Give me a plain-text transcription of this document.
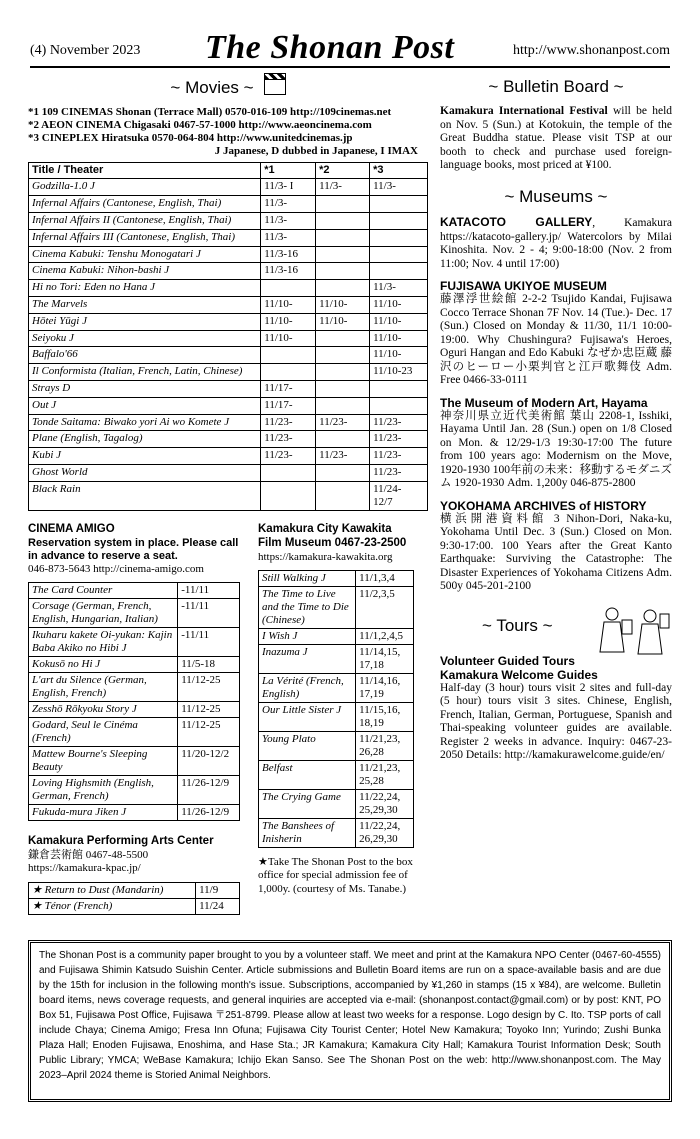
(4) November 2023 The Shonan Post	http://www.shonanpost.com
~ Movies ~
*1 109 CINEMAS Shonan (Terrace Mall) 0570-016-109 http://109cinemas.net
*2 AEON CINEMA Chigasaki 0467-57-1000 http://www.aeoncinema.com
*3 CINEPLEX Hiratsuka 0570-064-804 http://www.unitedcinemas.jp
J Japanese, D dubbed in Japanese, I IMAX
Title / Theater	*1	*2	*3
Godzilla-1.0 J	11/3- I	11/3-	11/3-
Infernal Affairs (Cantonese, English, Thai)	11/3-		
Infernal Affairs II (Cantonese, English, Thai)	11/3-		
Infernal Affairs III (Cantonese, English, Thai)	11/3-		
Cinema Kabuki: Tenshu Monogatari J	11/3-16		
Cinema Kabuki: Nihon-bashi J	11/3-16		
Hi no Tori: Eden no Hana J			11/3-
The Marvels	11/10-	11/10-	11/10-
Hōtei Yūgi J	11/10-	11/10-	11/10-
Seiyoku J	11/10-		11/10-
Baffalo'66			11/10-
Il Conformista (Italian, French, Latin, Chinese)			11/10-23
Strays D	11/17-		
Out J	11/17-		
Tonde Saitama: Biwako yori Ai wo Komete J	11/23-	11/23-	11/23-
Plane (English, Tagalog)	11/23-		11/23-
Kubi J	11/23-	11/23-	11/23-
Ghost World			11/23-
Black Rain			11/24-
12/7
CINEMA AMIGO
Reservation system in place. Please call
in advance to reserve a seat.
046-873-5643 http://cinema-amigo.com
The Card Counter	-11/11
Corsage (German, French, English, Hungarian, Italian)	-11/11
Ikuharu kakete Oi-yukan: Kajin Baba Akiko no Hibi J	-11/11
Kokusō no Hi J	11/5-18
L'art du Silence (German, English, French)	11/12-25
Zesshō Rōkyoku Story J	11/12-25
Godard, Seul le Cinéma (French)	11/12-25
Mattew Bourne's Sleeping Beauty	11/20-12/2
Loving Highsmith (English, German, French)	11/26-12/9
Fukuda-mura Jiken J	11/26-12/9
Kamakura Performing Arts Center
鎌倉芸術館 0467-48-5500
https://kamakura-kpac.jp/
★ Return to Dust (Mandarin)	11/9
★ Ténor (French)	11/24
Kamakura City Kawakita
Film Museum 0467-23-2500
https://kamakura-kawakita.org
Still Walking J	11/1,3,4
The Time to Live and the Time to Die (Chinese)	11/2,3,5
I Wish J	11/1,2,4,5
Inazuma J	11/14,15, 17,18
La Vérité (French, English)	11/14,16, 17,19
Our Little Sister J	11/15,16, 18,19
Young Plato	11/21,23, 26,28
Belfast	11/21,23, 25,28
The Crying Game	11/22,24, 25,29,30
The Banshees of Inisherin	11/22,24, 26,29,30
★Take The Shonan Post to the box office for special admission fee of 1,000y. (courtesy of Ms. Tanabe.)
~ Bulletin Board ~
Kamakura International Festival will be held on Nov. 5 (Sun.) at Kotokuin, the temple of the Great Buddha statue. Please visit TSP at our booth to check and purchase used foreign-language books, most priced at ¥100.
~ Museums ~
KATACOTO GALLERY, Kamakura https://katacoto-gallery.jp/ Watercolors by Milai Kinoshita. Nov. 2 - 4; 9:00-18:00 (Nov. 2 from 11:00; Nov. 4 until 17:00)
FUJISAWA UKIYOE MUSEUM
藤澤浮世絵館 2-2-2 Tsujido Kandai, Fujisawa Cocco Terrace Shonan 7F Nov. 14 (Tue.)- Dec. 17 (Sun.) Closed on Monday & 11/30, 11/1 10:00-19:00. Why Chushingura? Fujisawa's Heroes, Oguri Hangan and Edo Kabuki なぜか忠臣蔵 藤沢のヒーロー小栗判官と江戸歌舞伎 Adm. Free 0466-33-0111
The Museum of Modern Art, Hayama
神奈川県立近代美術館 葉山 2208-1, Isshiki, Hayama Until Jan. 28 (Sun.) open on 1/8 Closed on Mon. & 12/29-1/3 19:30-17:00 The future from 100 years ago: Modernism on the Move, 1920-1930 100年前の未来：移動するモダニズム 1920-1930 Adm. 1,200y 046-875-2800
YOKOHAMA ARCHIVES of HISTORY
横浜開港資料館 3 Nihon-Dori, Naka-ku, Yokohama Until Dec. 3 (Sun.) Closed on Mon. 9:30-17:00. 100 Years after the Great Kanto Earthquake: Surviving the Catastrophe: The Disaster Experiences of Yokohama Citizens Adm. 500y 045-201-2100
~ Tours ~
Volunteer Guided Tours
Kamakura Welcome Guides
Half-day (3 hour) tours visit 2 sites and full-day (5 hour) tours visit 3 sites. Chinese, English, French, Italian, German, Portuguese, Spanish and Thai-speaking volunteer guides are available. Register 2 weeks in advance. Inquiry: 0467-23-2050 Details: http://kamakurawelcome.guide/en/
The Shonan Post is a community paper brought to you by a volunteer staff. We meet and print at the Kamakura NPO Center (0467-60-4555) and Fujisawa Shimin Katsudo Suishin Center. Article submissions and Bulletin Board items are run on a space-available basis and are due by the 15th for inclusion in the following month's issue. Subscriptions, accompanied by ¥1,260 in stamps (15 x ¥84), are welcome. Bulletin board items, news coverage requests, and general inquiries are accepted via e-mail: (shonanpost.contact@gmail.com) or by post: KNT, PO Box 51, Fujisawa Post Office, Fujisawa 〒251-8799. Please allow at least two weeks for a response. Logo design by C. Ito. TSP ports of call include Chaya; Cinema Amigo; Fresa Inn Ofuna; Fujisawa City Tourist Center; Hotel New Kamakura; Toyoko Inn; Yurindo; Zushi Bunka Plaza Hall; Enoden Fujisawa, Enoshima, and Hase Sta.; JR Kamakura; Kamakura City Hall; Kamakura Tourist Information Desk; South Public Library; YMCA; WeBase Kamakura; Ichijo Ekan Sanso. See The Shonan Post on the web: http://www.shonanpost.com. The May 2023–April 2024 theme is Storied Animal Neighbors.
